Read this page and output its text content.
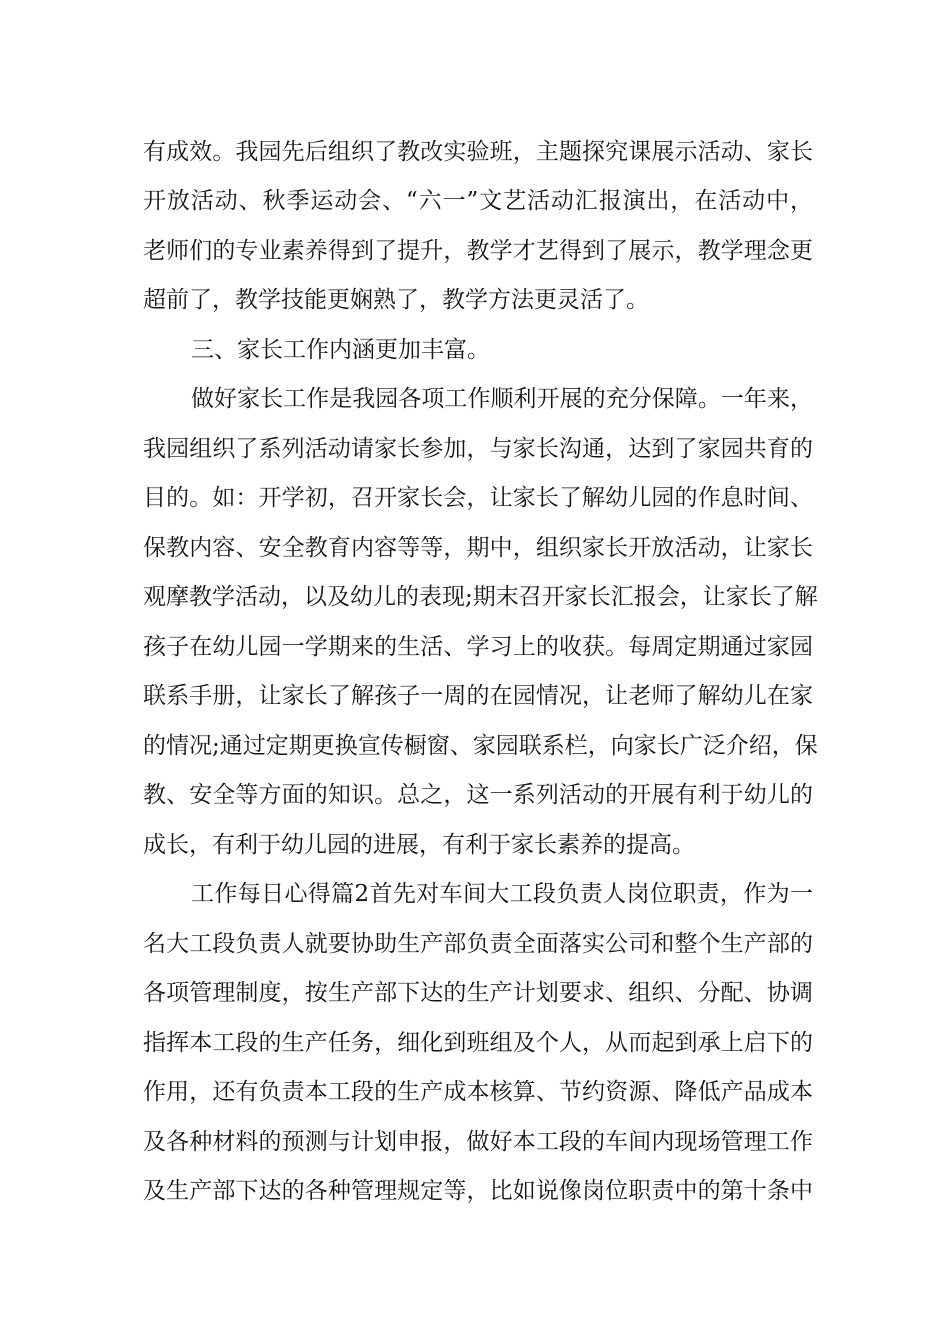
有成效。我园先后组织了教改实验班，主题探究课展示活动、家长
开放活动、秋季运动会、“六一”文艺活动汇报演出，在活动中，
老师们的专业素养得到了提升，教学才艺得到了展示，教学理念更
超前了，教学技能更娴熟了，教学方法更灵活了。
三、家长工作内涵更加丰富。
做好家长工作是我园各项工作顺利开展的充分保障。一年来，
我园组织了系列活动请家长参加，与家长沟通，达到了家园共育的
目的。如：开学初，召开家长会，让家长了解幼儿园的作息时间、
保教内容、安全教育内容等等，期中，组织家长开放活动，让家长
观摩教学活动，以及幼儿的表现;期末召开家长汇报会，让家长了解
孩子在幼儿园一学期来的生活、学习上的收获。每周定期通过家园
联系手册，让家长了解孩子一周的在园情况，让老师了解幼儿在家
的情况;通过定期更换宣传橱窗、家园联系栏，向家长广泛介绍，保
教、安全等方面的知识。总之，这一系列活动的开展有利于幼儿的
成长，有利于幼儿园的进展，有利于家长素养的提高。
工作每日心得篇2首先对车间大工段负责人岗位职责，作为一
名大工段负责人就要协助生产部负责全面落实公司和整个生产部的
各项管理制度，按生产部下达的生产计划要求、组织、分配、协调
指挥本工段的生产任务，细化到班组及个人，从而起到承上启下的
作用，还有负责本工段的生产成本核算、节约资源、降低产品成本
及各种材料的预测与计划申报，做好本工段的车间内现场管理工作
及生产部下达的各种管理规定等，比如说像岗位职责中的第十条中
